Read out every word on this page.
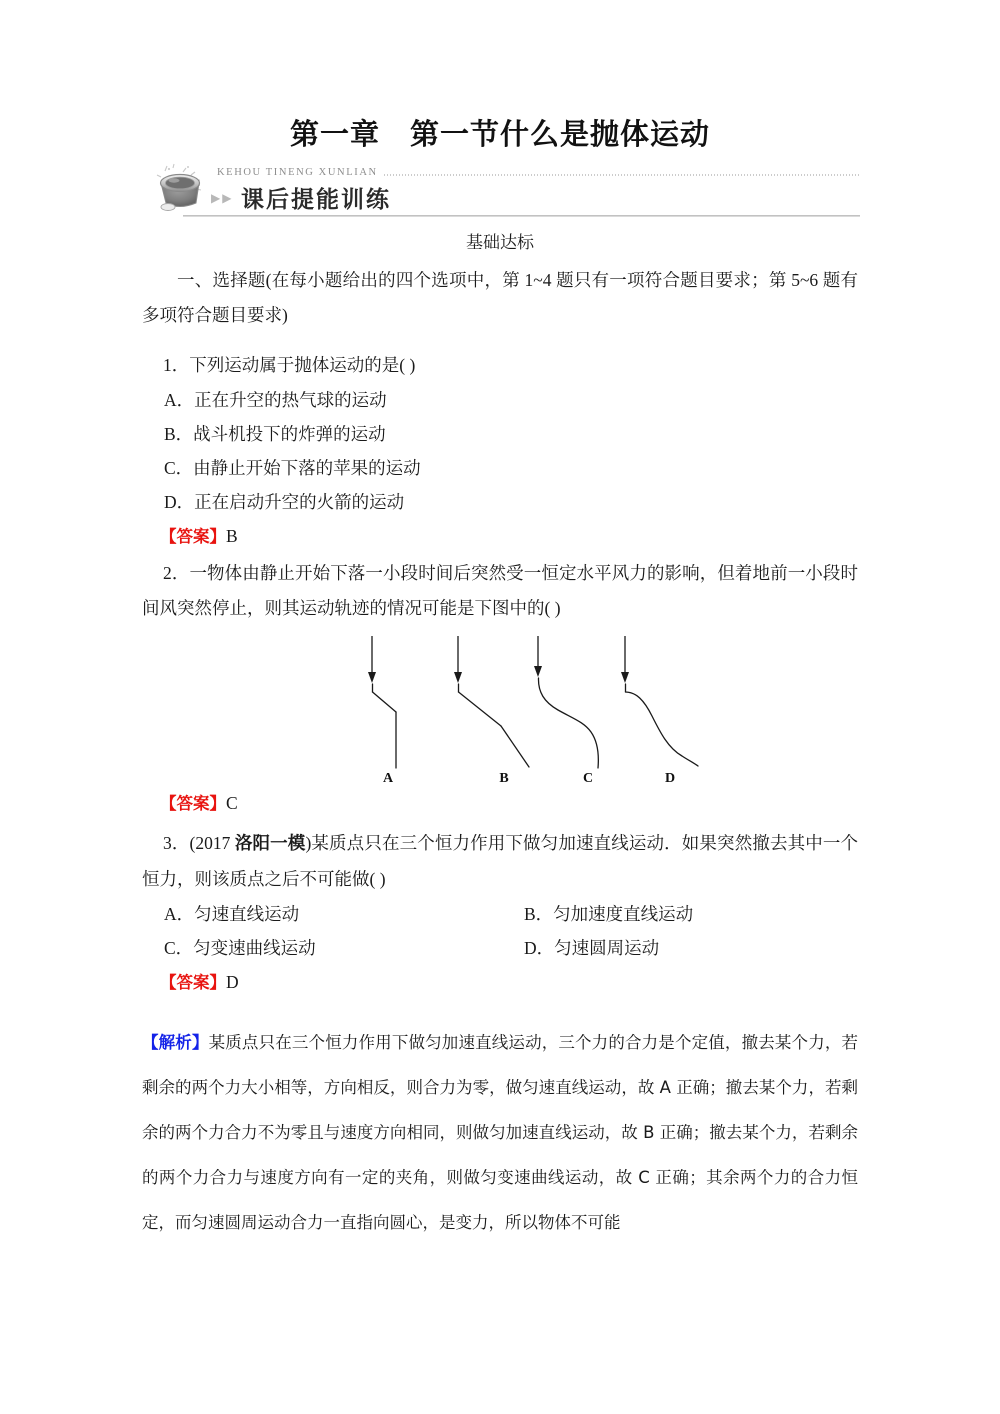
第一章　第一节什么是抛体运动
KEHOU TINENG XUNLIAN
▶▶ 课后提能训练
基础达标
一、选择题(在每小题给出的四个选项中，第 1~4 题只有一项符合题目要求；第 5~6 题有多项符合题目要求)
1．下列运动属于抛体运动的是( )
A．正在升空的热气球的运动
B．战斗机投下的炸弹的运动
C．由静止开始下落的苹果的运动
D．正在启动升空的火箭的运动
【答案】B
2．一物体由静止开始下落一小段时间后突然受一恒定水平风力的影响，但着地前一小段时间风突然停止，则其运动轨迹的情况可能是下图中的( )
A	B	C	D
【答案】C
3．(2017 洛阳一模)某质点只在三个恒力作用下做匀加速直线运动．如果突然撤去其中一个恒力，则该质点之后不可能做( )
A．匀速直线运动	B．匀加速度直线运动
C．匀变速曲线运动	D．匀速圆周运动
【答案】D
【解析】某质点只在三个恒力作用下做匀加速直线运动，三个力的合力是个定值，撤去某个力，若剩余的两个力大小相等，方向相反，则合力为零，做匀速直线运动，故 A 正确；撤去某个力，若剩余的两个力合力不为零且与速度方向相同，则做匀加速直线运动，故 B 正确；撤去某个力，若剩余的两个力合力与速度方向有一定的夹角，则做匀变速曲线运动，故 C 正确；其余两个力的合力恒定，而匀速圆周运动合力一直指向圆心，是变力，所以物体不可能
